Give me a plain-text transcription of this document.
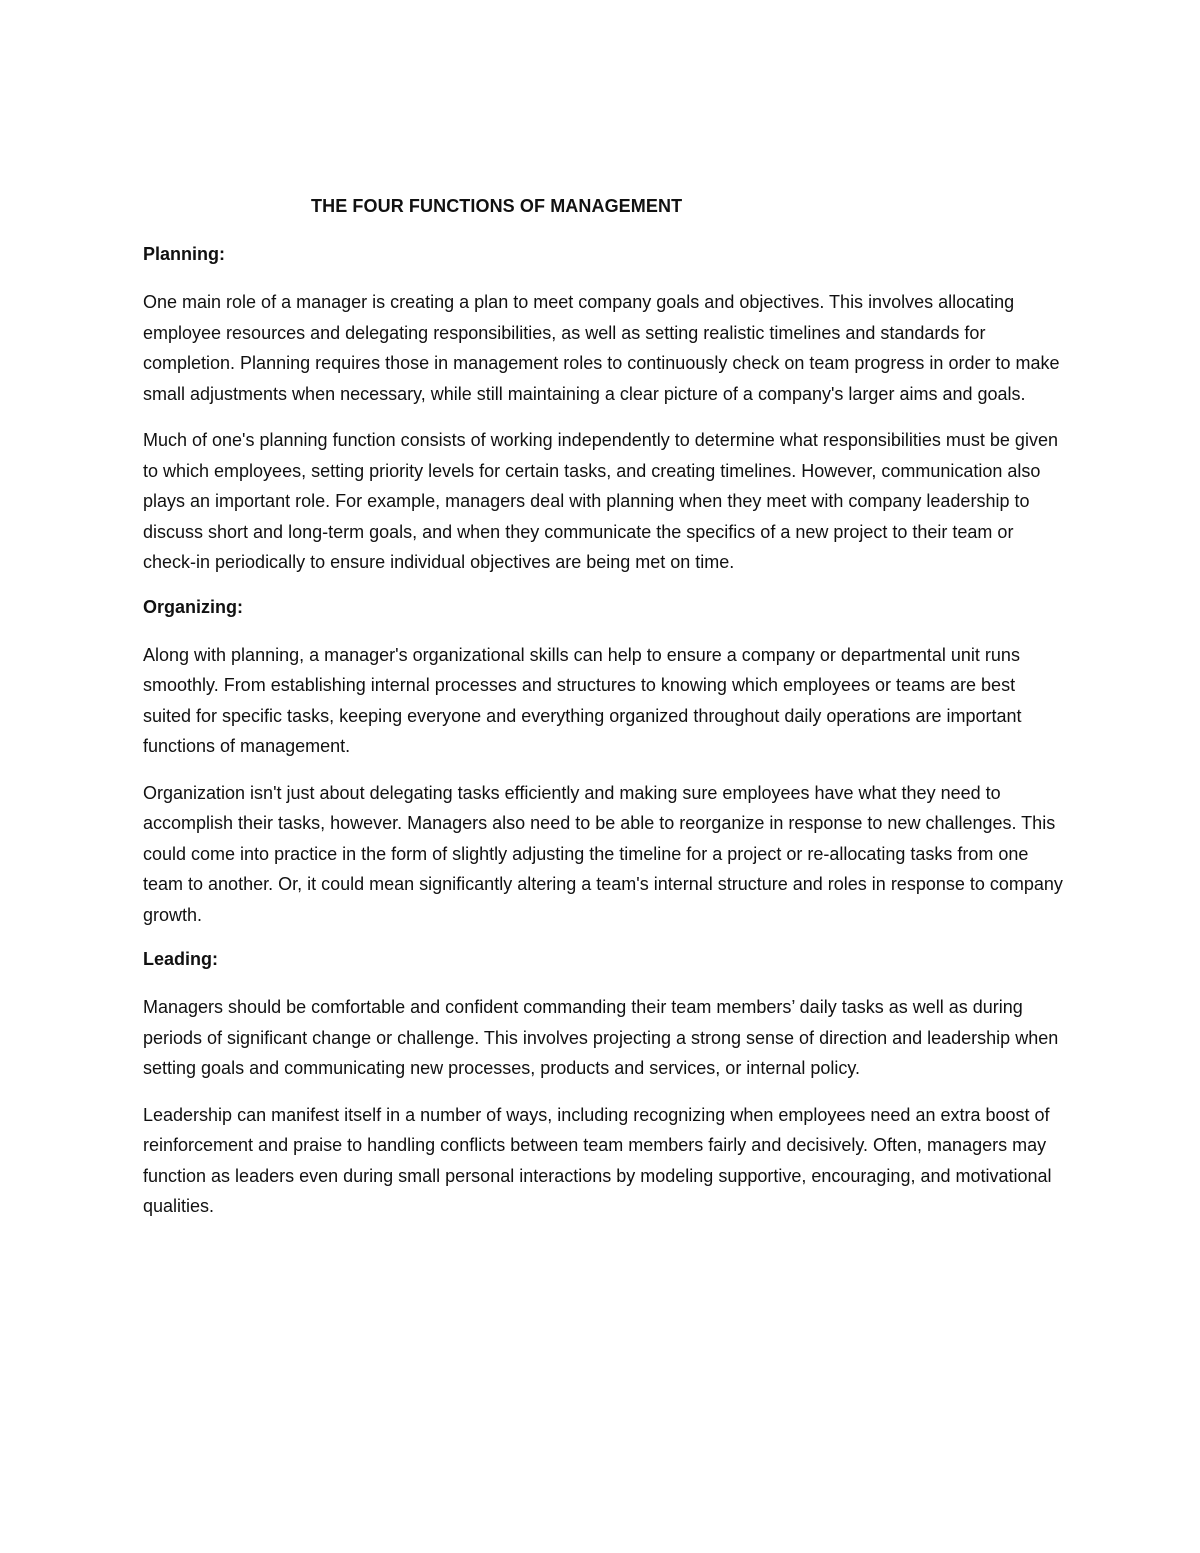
THE FOUR FUNCTIONS OF MANAGEMENT
Planning:

One main role of a manager is creating a plan to meet company goals and objectives. This involves allocating employee resources and delegating responsibilities, as well as setting realistic timelines and standards for completion. Planning requires those in management roles to continuously check on team progress in order to make small adjustments when necessary, while still maintaining a clear picture of a company's larger aims and goals.

Much of one's planning function consists of working independently to determine what responsibilities must be given to which employees, setting priority levels for certain tasks, and creating timelines. However, communication also plays an important role. For example, managers deal with planning when they meet with company leadership to discuss short and long-term goals, and when they communicate the specifics of a new project to their team or check-in periodically to ensure individual objectives are being met on time.

Organizing:

Along with planning, a manager's organizational skills can help to ensure a company or departmental unit runs smoothly. From establishing internal processes and structures to knowing which employees or teams are best suited for specific tasks, keeping everyone and everything organized throughout daily operations are important functions of management.

Organization isn't just about delegating tasks efficiently and making sure employees have what they need to accomplish their tasks, however. Managers also need to be able to reorganize in response to new challenges. This could come into practice in the form of slightly adjusting the timeline for a project or re-allocating tasks from one team to another. Or, it could mean significantly altering a team's internal structure and roles in response to company growth.

Leading:

Managers should be comfortable and confident commanding their team members’ daily tasks as well as during periods of significant change or challenge. This involves projecting a strong sense of direction and leadership when setting goals and communicating new processes, products and services, or internal policy.

Leadership can manifest itself in a number of ways, including recognizing when employees need an extra boost of reinforcement and praise to handling conflicts between team members fairly and decisively. Often, managers may function as leaders even during small personal interactions by modeling supportive, encouraging, and motivational qualities.
